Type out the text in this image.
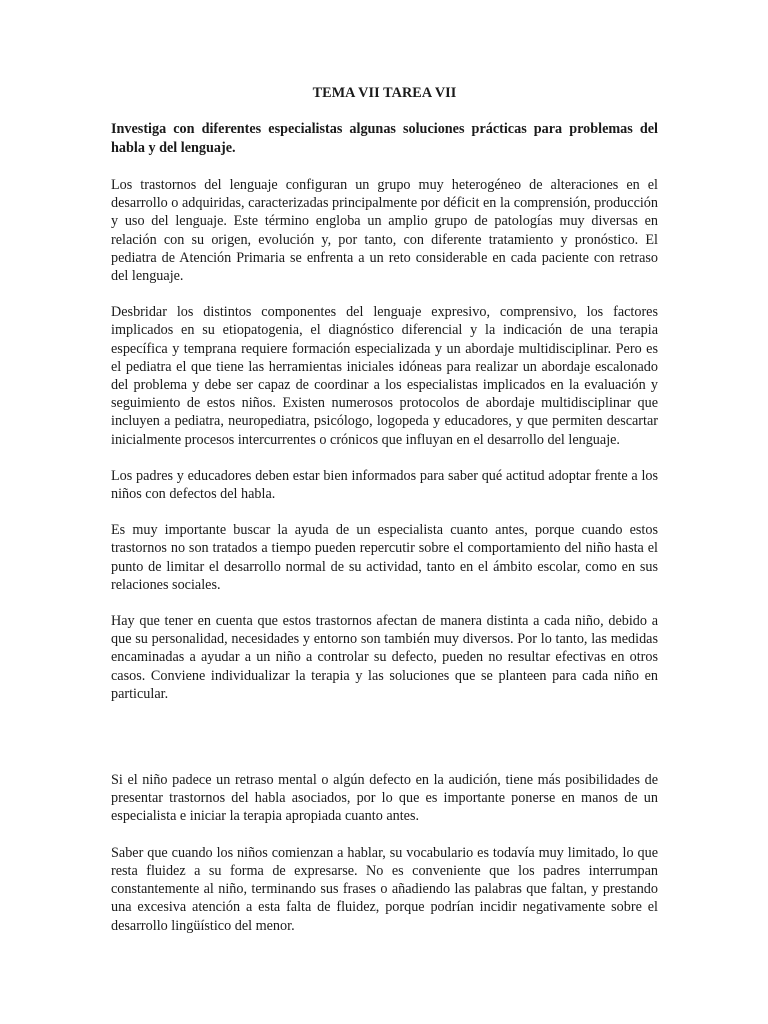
TEMA VII TAREA VII

Investiga con diferentes especialistas algunas soluciones prácticas para problemas del habla y del lenguaje.

Los trastornos del lenguaje configuran un grupo muy heterogéneo de alteraciones en el desarrollo o adquiridas, caracterizadas principalmente por déficit en la comprensión, producción y uso del lenguaje. Este término engloba un amplio grupo de patologías muy diversas en relación con su origen, evolución y, por tanto, con diferente tratamiento y pronóstico. El pediatra de Atención Primaria se enfrenta a un reto considerable en cada paciente con retraso del lenguaje.

Desbridar los distintos componentes del lenguaje expresivo, comprensivo, los factores implicados en su etiopatogenia, el diagnóstico diferencial y la indicación de una terapia específica y temprana requiere formación especializada y un abordaje multidisciplinar. Pero es el pediatra el que tiene las herramientas iniciales idóneas para realizar un abordaje escalonado del problema y debe ser capaz de coordinar a los especialistas implicados en la evaluación y seguimiento de estos niños. Existen numerosos protocolos de abordaje multidisciplinar que incluyen a pediatra, neuropediatra, psicólogo, logopeda y educadores, y que permiten descartar inicialmente procesos intercurrentes o crónicos que influyan en el desarrollo del lenguaje.

Los padres y educadores deben estar bien informados para saber qué actitud adoptar frente a los niños con defectos del habla.

Es muy importante buscar la ayuda de un especialista cuanto antes, porque cuando estos trastornos no son tratados a tiempo pueden repercutir sobre el comportamiento del niño hasta el punto de limitar el desarrollo normal de su actividad, tanto en el ámbito escolar, como en sus relaciones sociales.

Hay que tener en cuenta que estos trastornos afectan de manera distinta a cada niño, debido a que su personalidad, necesidades y entorno son también muy diversos. Por lo tanto, las medidas encaminadas a ayudar a un niño a controlar su defecto, pueden no resultar efectivas en otros casos. Conviene individualizar la terapia y las soluciones que se planteen para cada niño en particular.

Si el niño padece un retraso mental o algún defecto en la audición, tiene más posibilidades de presentar trastornos del habla asociados, por lo que es importante ponerse en manos de un especialista e iniciar la terapia apropiada cuanto antes.

Saber que cuando los niños comienzan a hablar, su vocabulario es todavía muy limitado, lo que resta fluidez a su forma de expresarse. No es conveniente que los padres interrumpan constantemente al niño, terminando sus frases o añadiendo las palabras que faltan, y prestando una excesiva atención a esta falta de fluidez, porque podrían incidir negativamente sobre el desarrollo lingüístico del menor.
